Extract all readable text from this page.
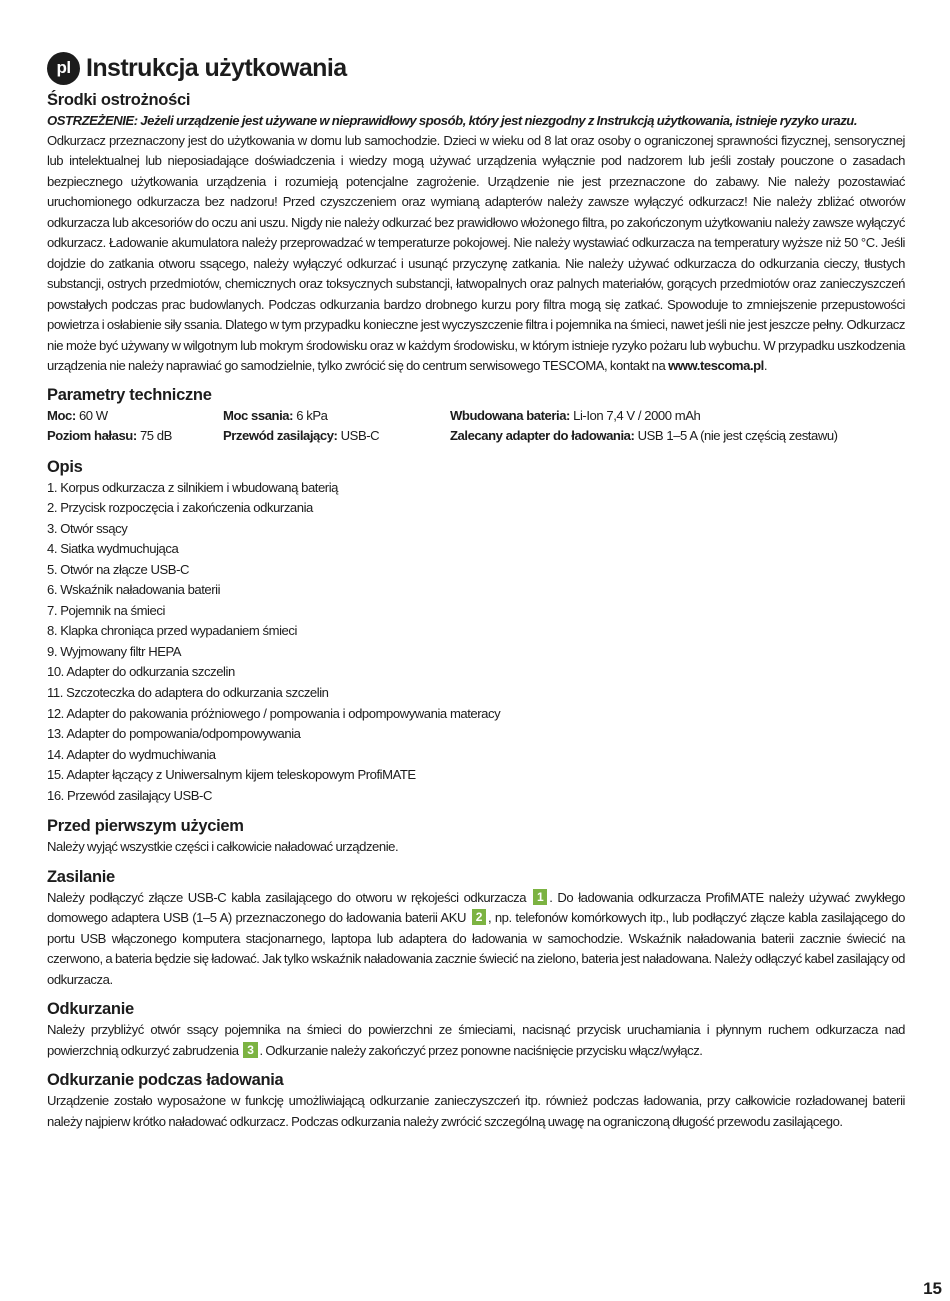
pl Instrukcja użytkowania
Środki ostrożności

OSTRZEŻENIE: Jeżeli urządzenie jest używane w nieprawidłowy sposób, który jest niezgodny z Instrukcją użytkowania, istnieje ryzyko urazu.

Odkurzacz przeznaczony jest do użytkowania w domu lub samochodzie. Dzieci w wieku od 8 lat oraz osoby o ograniczonej sprawności fizycznej, sensorycznej lub intelektualnej lub nieposiadające doświadczenia i wiedzy mogą używać urządzenia wyłącznie pod nadzorem lub jeśli zostały pouczone o zasadach bezpiecznego użytkowania urządzenia i rozumieją potencjalne zagrożenie. Urządzenie nie jest przeznaczone do zabawy. Nie należy pozostawiać uruchomionego odkurzacza bez nadzoru! Przed czyszczeniem oraz wymianą adapterów należy zawsze wyłączyć odkurzacz! Nie należy zbliżać otworów odkurzacza lub akcesoriów do oczu ani uszu. Nigdy nie należy odkurzać bez prawidłowo włożonego filtra, po zakończonym użytkowaniu należy zawsze wyłączyć odkurzacz. Ładowanie akumulatora należy przeprowadzać w temperaturze pokojowej. Nie należy wystawiać odkurzacza na temperatury wyższe niż 50 °C. Jeśli dojdzie do zatkania otworu ssącego, należy wyłączyć odkurzać i usunąć przyczynę zatkania. Nie należy używać odkurzacza do odkurzania cieczy, tłustych substancji, ostrych przedmiotów, chemicznych oraz toksycznych substancji, łatwopalnych oraz palnych materiałów, gorących przedmiotów oraz zanieczyszczeń powstałych podczas prac budowlanych. Podczas odkurzania bardzo drobnego kurzu pory filtra mogą się zatkać. Spowoduje to zmniejszenie przepustowości powietrza i osłabienie siły ssania. Dlatego w tym przypadku konieczne jest wyczyszczenie filtra i pojemnika na śmieci, nawet jeśli nie jest jeszcze pełny. Odkurzacz nie może być używany w wilgotnym lub mokrym środowisku oraz w każdym środowisku, w którym istnieje ryzyko pożaru lub wybuchu. W przypadku uszkodzenia urządzenia nie należy naprawiać go samodzielnie, tylko zwrócić się do centrum serwisowego TESCOMA, kontakt na www.tescoma.pl.

Parametry techniczne
Moc: 60 W	Moc ssania: 6 kPa	Wbudowana bateria: Li-Ion 7,4 V / 2000 mAh
Poziom hałasu: 75 dB	Przewód zasilający: USB-C	Zalecany adapter do ładowania: USB 1–5 A (nie jest częścią zestawu)
Opis
1. Korpus odkurzacza z silnikiem i wbudowaną baterią
2. Przycisk rozpoczęcia i zakończenia odkurzania
3. Otwór ssący
4. Siatka wydmuchująca
5. Otwór na złącze USB-C
6. Wskaźnik naładowania baterii
7. Pojemnik na śmieci
8. Klapka chroniąca przed wypadaniem śmieci
9. Wyjmowany filtr HEPA
10. Adapter do odkurzania szczelin
11. Szczoteczka do adaptera do odkurzania szczelin
12. Adapter do pakowania próżniowego / pompowania i odpompowywania materacy
13. Adapter do pompowania/odpompowywania
14. Adapter do wydmuchiwania
15. Adapter łączący z Uniwersalnym kijem teleskopowym ProfiMATE
16. Przewód zasilający USB-C
Przed pierwszym użyciem

Należy wyjąć wszystkie części i całkowicie naładować urządzenie.

Zasilanie

Należy podłączyć złącze USB-C kabla zasilającego do otworu w rękojeści odkurzacza 1 . Do ładowania odkurzacza ProfiMATE należy używać zwykłego domowego adaptera USB (1–5 A) przeznaczonego do ładowania baterii AKU 2 , np. telefonów komórkowych itp., lub podłączyć złącze kabla zasilającego do portu USB włączonego komputera stacjonarnego, laptopa lub adaptera do ładowania w samochodzie. Wskaźnik naładowania baterii zacznie świecić na czerwono, a bateria będzie się ładować. Jak tylko wskaźnik naładowania zacznie świecić na zielono, bateria jest naładowana. Należy odłączyć kabel zasilający od odkurzacza.

Odkurzanie

Należy przybliżyć otwór ssący pojemnika na śmieci do powierzchni ze śmieciami, nacisnąć przycisk uruchamiania i płynnym ruchem odkurzacza nad powierzchnią odkurzyć zabrudzenia 3 . Odkurzanie należy zakończyć przez ponowne naciśnięcie przycisku włącz/wyłącz.

Odkurzanie podczas ładowania

Urządzenie zostało wyposażone w funkcję umożliwiającą odkurzanie zanieczyszczeń itp. również podczas ładowania, przy całkowicie rozładowanej baterii należy najpierw krótko naładować odkurzacz. Podczas odkurzania należy zwrócić szczególną uwagę na ograniczoną długość przewodu zasilającego.

15
